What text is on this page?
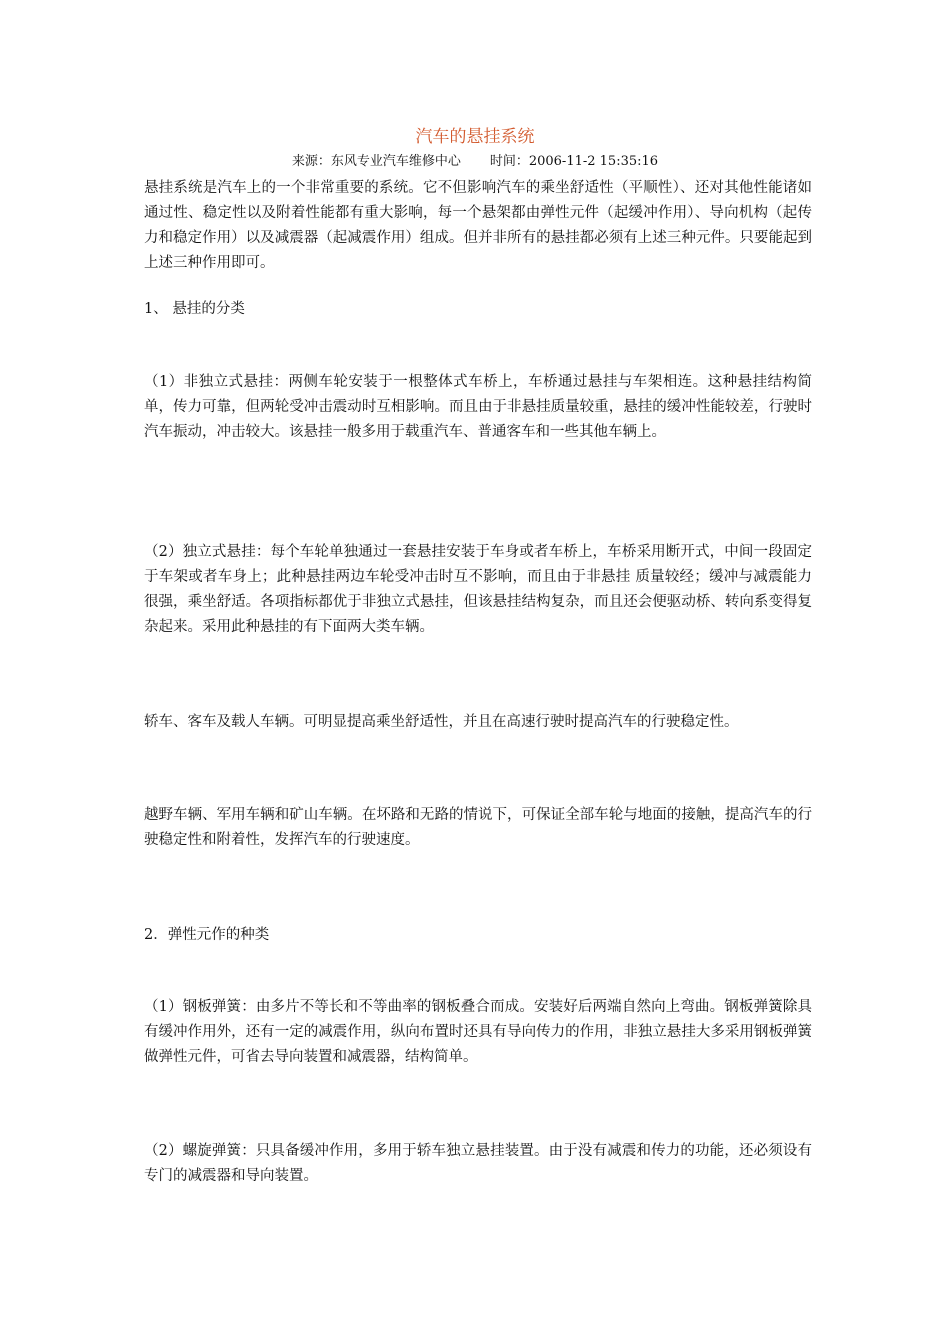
汽车的悬挂系统
来源：东风专业汽车维修中心       时间：2006-11-2 15:35:16
悬挂系统是汽车上的一个非常重要的系统。它不但影响汽车的乘坐舒适性（平顺性）、还对其他性能诸如通过性、稳定性以及附着性能都有重大影响，每一个悬架都由弹性元件（起缓冲作用）、导向机构（起传力和稳定作用）以及减震器（起减震作用）组成。但并非所有的悬挂都必须有上述三种元件。只要能起到上述三种作用即可。
1、 悬挂的分类
（1）非独立式悬挂：两侧车轮安装于一根整体式车桥上，车桥通过悬挂与车架相连。这种悬挂结构简单，传力可靠，但两轮受冲击震动时互相影响。而且由于非悬挂质量较重，悬挂的缓冲性能较差，行驶时汽车振动，冲击较大。该悬挂一般多用于载重汽车、普通客车和一些其他车辆上。
（2）独立式悬挂：每个车轮单独通过一套悬挂安装于车身或者车桥上，车桥采用断开式，中间一段固定于车架或者车身上；此种悬挂两边车轮受冲击时互不影响，而且由于非悬挂 质量较经；缓冲与减震能力很强，乘坐舒适。各项指标都优于非独立式悬挂，但该悬挂结构复杂，而且还会便驱动桥、转向系变得复杂起来。采用此种悬挂的有下面两大类车辆。
轿车、客车及载人车辆。可明显提高乘坐舒适性，并且在高速行驶时提高汽车的行驶稳定性。
越野车辆、军用车辆和矿山车辆。在坏路和无路的情说下，可保证全部车轮与地面的接触，提高汽车的行驶稳定性和附着性，发挥汽车的行驶速度。
2．弹性元作的种类
（1）钢板弹簧：由多片不等长和不等曲率的钢板叠合而成。安装好后两端自然向上弯曲。钢板弹簧除具有缓冲作用外，还有一定的减震作用，纵向布置时还具有导向传力的作用，非独立悬挂大多采用钢板弹簧做弹性元件，可省去导向装置和减震器，结构简单。
（2）螺旋弹簧：只具备缓冲作用，多用于轿车独立悬挂装置。由于没有减震和传力的功能，还必须设有专门的减震器和导向装置。
